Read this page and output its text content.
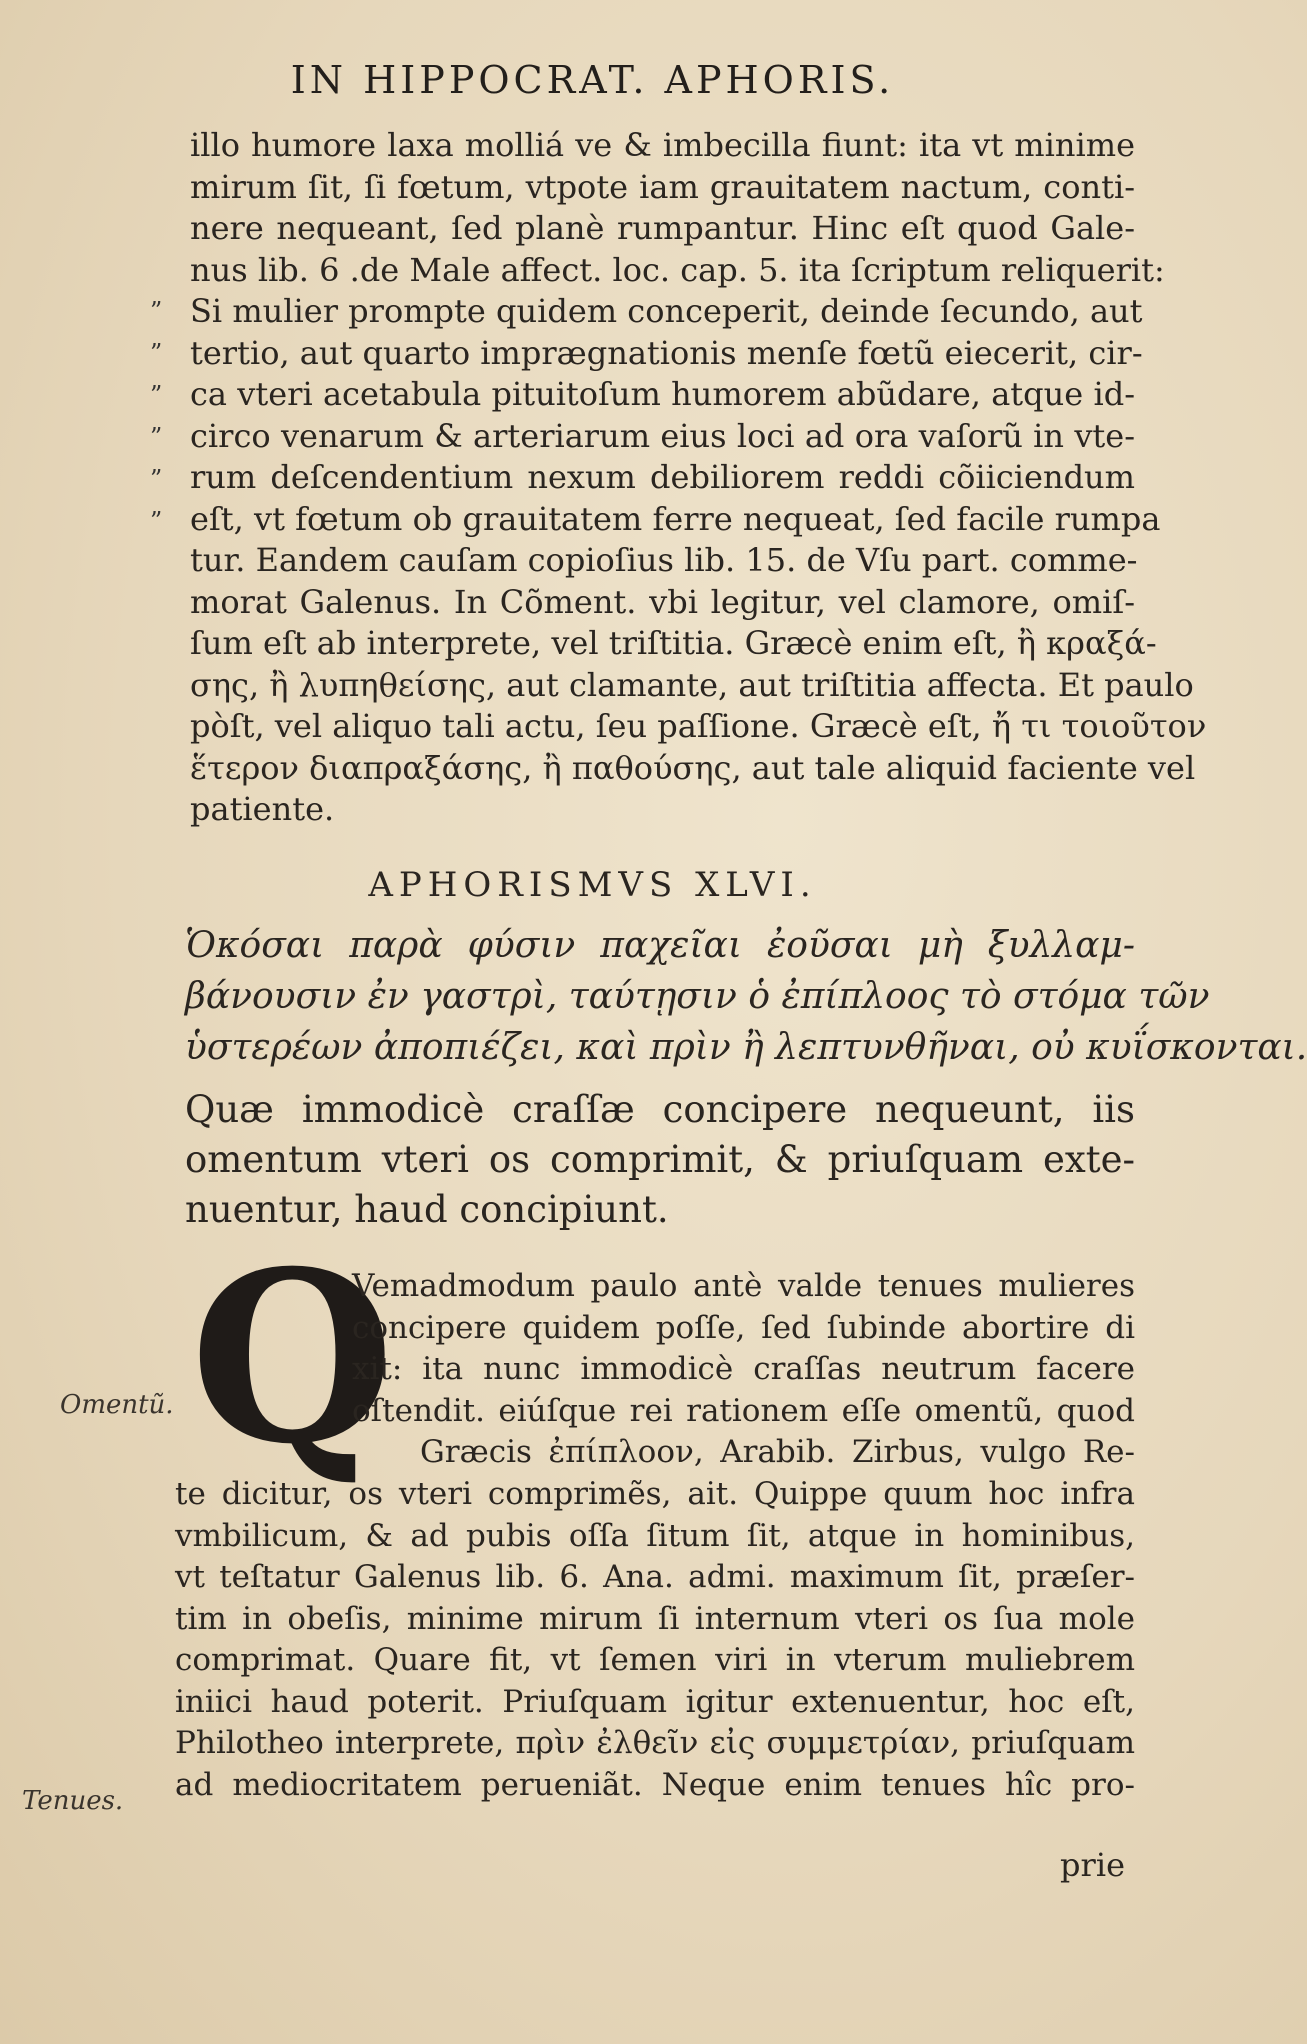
IN HIPPOCRAT. APHORIS.
illo humore laxa molliá ve & imbecilla fiunt: ita vt minime
mirum ſit, ſi fœtum, vtpote iam grauitatem nactum, conti-
nere nequeant, ſed planè rumpantur. Hinc eſt quod Gale-
nus lib. 6 .de Male affect. loc. cap. 5. ita ſcriptum reliquerit:
Si mulier prompte quidem conceperit, deinde ſecundo, aut
tertio, aut quarto imprægnationis menſe fœtũ eiecerit, cir-
ca vteri acetabula pituitoſum humorem abũdare, atque id-
circo venarum & arteriarum eius loci ad ora vaſorũ in vte-
rum deſcendentium nexum debiliorem reddi cõiiciendum
eſt, vt fœtum ob grauitatem ferre nequeat, ſed facile rumpa
tur. Eandem cauſam copioſius lib. 15. de Vſu part. comme-
morat Galenus. In Cõment. vbi legitur, vel clamore, omiſ-
ſum eſt ab interprete, vel triſtitia. Græcè enim eſt, ἢ κραξά-
σης, ἢ λυπηθείσης, aut clamante, aut triſtitia affecta. Et paulo
pòſt, vel aliquo tali actu, ſeu paſſione. Græcè eſt, ἤ τι τοιοῦτον
ἕτερον διαπραξάσης, ἢ παθούσης, aut tale aliquid faciente vel
patiente.
”
”
”
”
”
”
APHORISMVS XLVI.
Ὁκόσαι παρὰ φύσιν παχεῖαι ἐοῦσαι μὴ ξυλλαμ-
βάνουσιν ἐν γαστρὶ, ταύτῃσιν ὁ ἐπίπλοος τὸ στόμα τῶν
ὑστερέων ἀποπιέζει, καὶ πρὶν ἢ λεπτυνθῆναι, οὐ κυΐσκονται.
Quæ immodicè craſſæ concipere nequeunt, iis
omentum vteri os comprimit, & priuſquam exte-
nuentur, haud concipiunt.
Q
Vemadmodum paulo antè valde tenues mulieres
concipere quidem poſſe, ſed ſubinde abortire di
xit: ita nunc immodicè craſſas neutrum facere
oſtendit. eiúſque rei rationem eſſe omentũ, quod
Græcis ἐπίπλοον, Arabib. Zirbus, vulgo Re-
te dicitur, os vteri comprimẽs, ait. Quippe quum hoc infra
vmbilicum, & ad pubis oſſa ſitum ſit, atque in hominibus,
vt teſtatur Galenus lib. 6. Ana. admi. maximum ſit, præſer-
tim in obeſis, minime mirum ſi internum vteri os ſua mole
comprimat. Quare fit, vt ſemen viri in vterum muliebrem
iniici haud poterit. Priuſquam igitur extenuentur, hoc eſt,
Philotheo interprete, πρὶν ἐλθεῖν εἰς συμμετρίαν, priuſquam
ad mediocritatem perueniãt. Neque enim tenues hîc pro-
Omentũ.
Tenues.
prie
